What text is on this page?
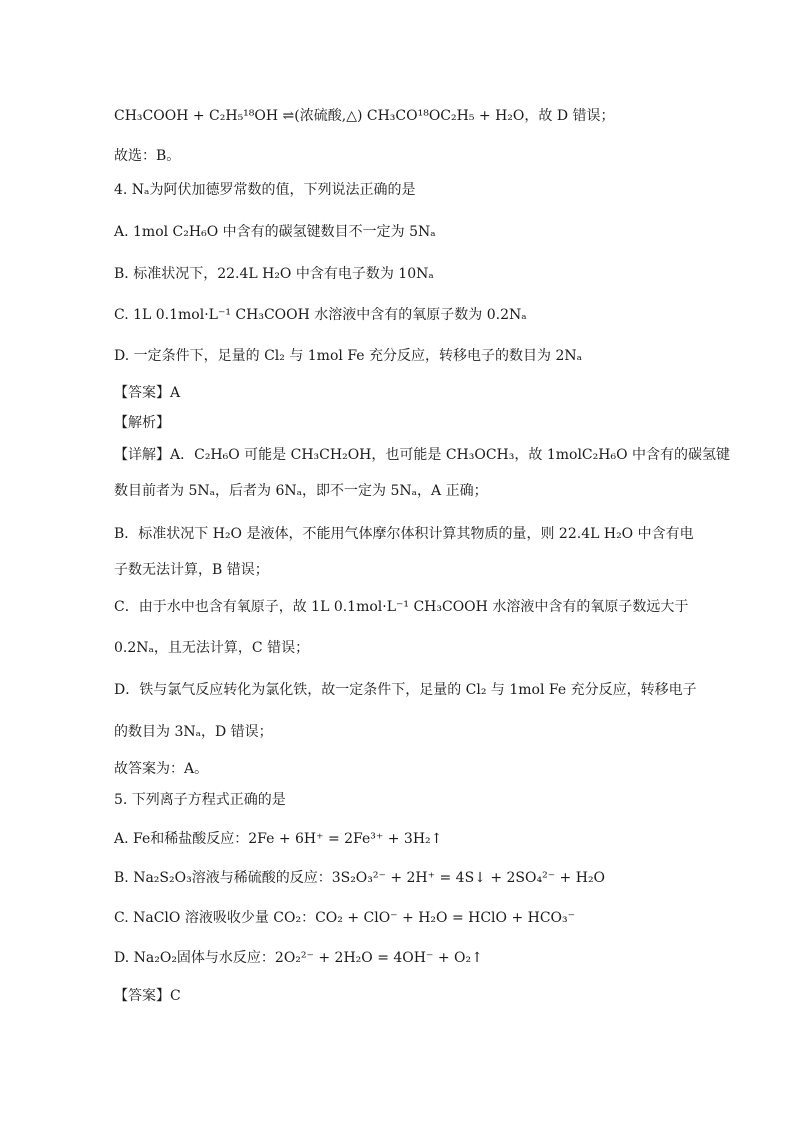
CH₃COOH + C₂H₅¹⁸OH ⇌(浓硫酸,△) CH₃CO¹⁸OC₂H₅ + H₂O，故 D 错误；
故选：B。
4. Nₐ为阿伏加德罗常数的值，下列说法正确的是
A. 1mol C₂H₆O 中含有的碳氢键数目不一定为 5Nₐ
B. 标准状况下，22.4L H₂O 中含有电子数为 10Nₐ
C. 1L 0.1mol·L⁻¹ CH₃COOH 水溶液中含有的氧原子数为 0.2Nₐ
D. 一定条件下，足量的 Cl₂ 与 1mol Fe 充分反应，转移电子的数目为 2Nₐ
【答案】A
【解析】
【详解】A．C₂H₆O 可能是 CH₃CH₂OH，也可能是 CH₃OCH₃，故 1molC₂H₆O 中含有的碳氢键
数目前者为 5Nₐ，后者为 6Nₐ，即不一定为 5Nₐ，A 正确；
B．标准状况下 H₂O 是液体，不能用气体摩尔体积计算其物质的量，则 22.4L H₂O 中含有电
子数无法计算，B 错误；
C．由于水中也含有氧原子，故 1L 0.1mol·L⁻¹ CH₃COOH 水溶液中含有的氧原子数远大于
0.2Nₐ，且无法计算，C 错误；
D．铁与氯气反应转化为氯化铁，故一定条件下，足量的 Cl₂ 与 1mol Fe 充分反应，转移电子
的数目为 3Nₐ，D 错误；
故答案为：A。
5. 下列离子方程式正确的是
A. Fe和稀盐酸反应：2Fe + 6H⁺ = 2Fe³⁺ + 3H₂↑
B. Na₂S₂O₃溶液与稀硫酸的反应：3S₂O₃²⁻ + 2H⁺ = 4S↓ + 2SO₄²⁻ + H₂O
C. NaClO 溶液吸收少量 CO₂：CO₂ + ClO⁻ + H₂O = HClO + HCO₃⁻
D. Na₂O₂固体与水反应：2O₂²⁻ + 2H₂O = 4OH⁻ + O₂↑
【答案】C
